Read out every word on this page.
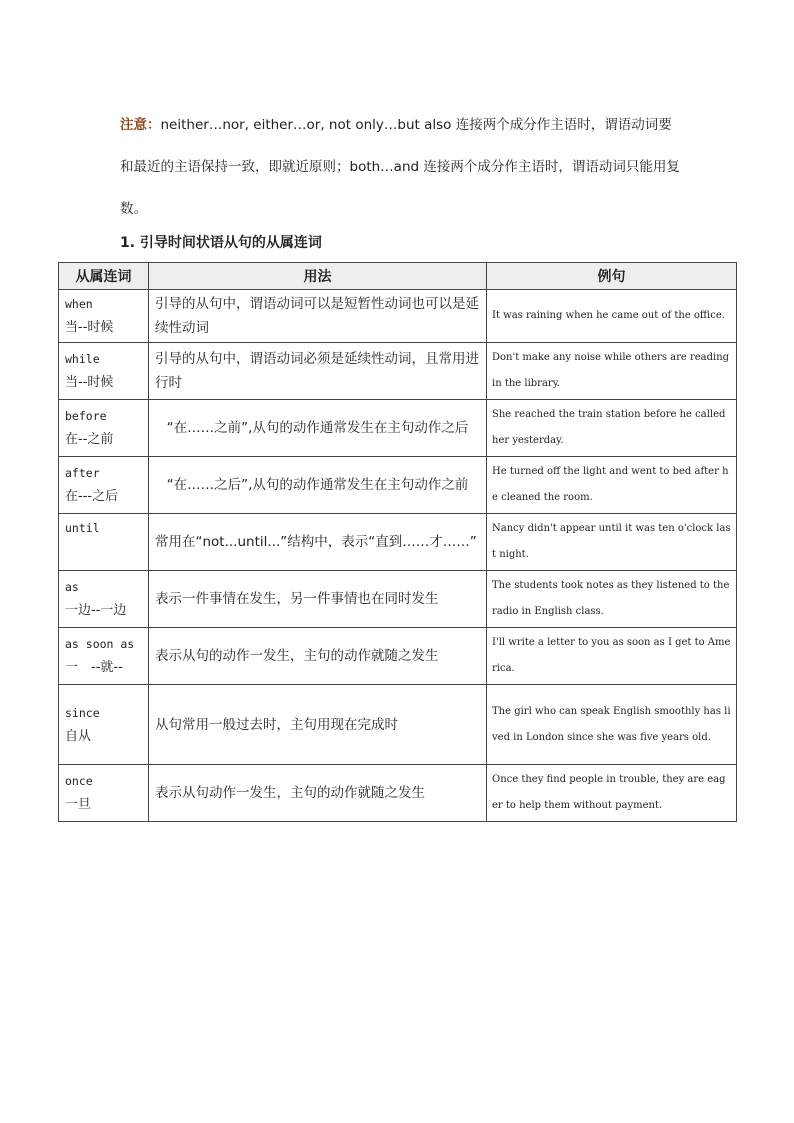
注意：neither…nor, either…or, not only…but also 连接两个成分作主语时，谓语动词要和最近的主语保持一致，即就近原则；both…and 连接两个成分作主语时，谓语动词只能用复数。
1. 引导时间状语从句的从属连词
从属连词	用法	例句

when
当--时候	引导的从句中，谓语动词可以是短暂性动词也可以是延续性动词	It was raining when he came out of the office.

while
当--时候	引导的从句中，谓语动词必须是延续性动词，且常用进行时	Don't make any noise while others are reading in the library.

before
在--之前	“在……之前”,从句的动作通常发生在主句动作之后	She reached the train station before he called her yesterday.

after
在---之后	“在……之后”,从句的动作通常发生在主句动作之前	He turned off the light and went to bed after he cleaned the room.

until	常用在“not...until...”结构中，表示“直到……才……”	Nancy didn't appear until it was ten o'clock last night.

as
一边--一边	表示一件事情在发生，另一件事情也在同时发生	The students took notes as they listened to the radio in English class.

as soon as
一　--就--	表示从句的动作一发生，主句的动作就随之发生	I'll write a letter to you as soon as I get to America.

since
自从	从句常用一般过去时，主句用现在完成时	The girl who can speak English smoothly has lived in London since she was five years old.

once
一旦	表示从句动作一发生，主句的动作就随之发生	Once they find people in trouble, they are eager to help them without payment.
